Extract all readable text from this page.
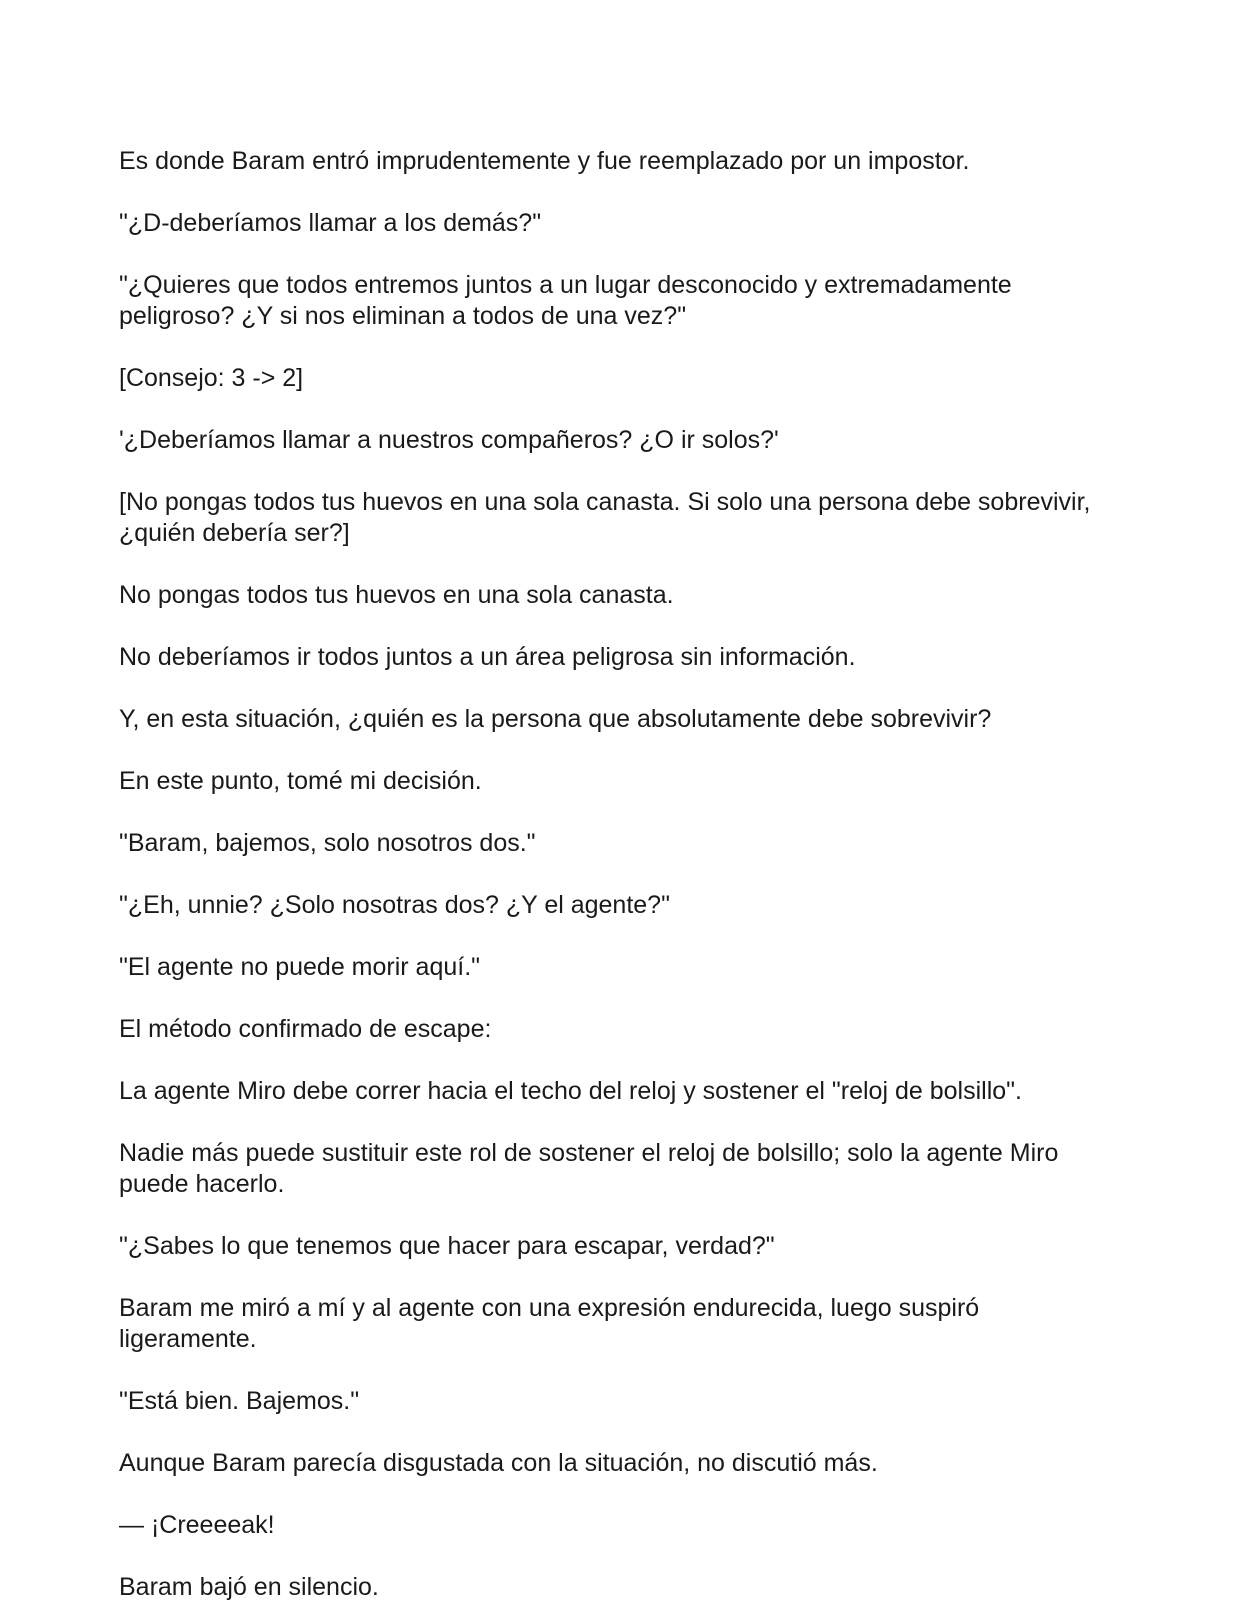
Es donde Baram entró imprudentemente y fue reemplazado por un impostor.

"¿D-deberíamos llamar a los demás?"

"¿Quieres que todos entremos juntos a un lugar desconocido y extremadamente peligroso? ¿Y si nos eliminan a todos de una vez?"

[Consejo: 3 -> 2]

'¿Deberíamos llamar a nuestros compañeros? ¿O ir solos?'

[No pongas todos tus huevos en una sola canasta. Si solo una persona debe sobrevivir, ¿quién debería ser?]

No pongas todos tus huevos en una sola canasta.

No deberíamos ir todos juntos a un área peligrosa sin información.

Y, en esta situación, ¿quién es la persona que absolutamente debe sobrevivir?

En este punto, tomé mi decisión.

"Baram, bajemos, solo nosotros dos."

"¿Eh, unnie? ¿Solo nosotras dos? ¿Y el agente?"

"El agente no puede morir aquí."

El método confirmado de escape:

La agente Miro debe correr hacia el techo del reloj y sostener el "reloj de bolsillo".

Nadie más puede sustituir este rol de sostener el reloj de bolsillo; solo la agente Miro puede hacerlo.

"¿Sabes lo que tenemos que hacer para escapar, verdad?"

Baram me miró a mí y al agente con una expresión endurecida, luego suspiró ligeramente.

"Está bien. Bajemos."

Aunque Baram parecía disgustada con la situación, no discutió más.

— ¡Creeeeak!

Baram bajó en silencio.
